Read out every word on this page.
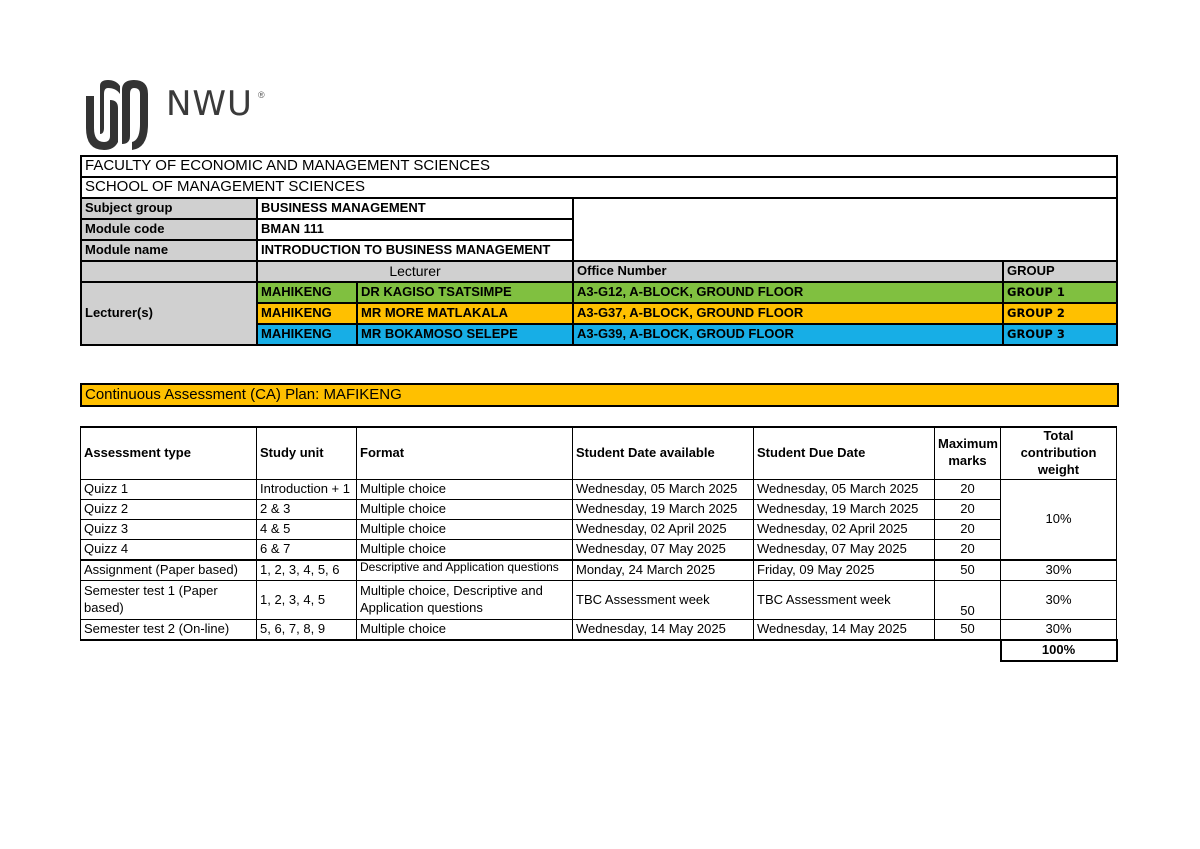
NWU ®
FACULTY OF ECONOMIC AND MANAGEMENT SCIENCES				
SCHOOL OF MANAGEMENT SCIENCES				
Subject group	BUSINESS MANAGEMENT			
Module code	BMAN 111			
Module name	INTRODUCTION TO BUSINESS MANAGEMENT			
	Lecturer		Office Number	GROUP
Lecturer(s)	MAHIKENG	DR KAGISO TSATSIMPE	A3-G12, A-BLOCK, GROUND FLOOR	GROUP 1
	MAHIKENG	MR MORE MATLAKALA	A3-G37, A-BLOCK, GROUND FLOOR	GROUP 2
	MAHIKENG	MR BOKAMOSO SELEPE	A3-G39, A-BLOCK, GROUD FLOOR	GROUP 3
Continuous Assessment (CA) Plan: MAFIKENG
Assessment type	Study unit	Format	Student Date available	Student Due Date	Maximum marks	Total contribution weight
Quizz 1	Introduction + 1	Multiple choice	Wednesday, 05 March 2025	Wednesday, 05 March 2025	20	10%
Quizz 2	2 & 3	Multiple choice	Wednesday, 19 March 2025	Wednesday, 19 March 2025	20	
Quizz 3	4 & 5	Multiple choice	Wednesday, 02 April 2025	Wednesday, 02 April 2025	20	
Quizz 4	6 & 7	Multiple choice	Wednesday, 07 May 2025	Wednesday, 07 May 2025	20	
Assignment (Paper based)	1, 2, 3, 4, 5, 6	Descriptive and Application questions	Monday, 24 March 2025	Friday, 09 May 2025	50	30%
Semester test 1 (Paper based)	1, 2, 3, 4, 5	Multiple choice, Descriptive and Application questions	TBC Assessment week	TBC Assessment week	50	30%
Semester test 2 (On-line)	5, 6, 7, 8, 9	Multiple choice	Wednesday, 14 May 2025	Wednesday, 14 May 2025	50	30%
						100%
